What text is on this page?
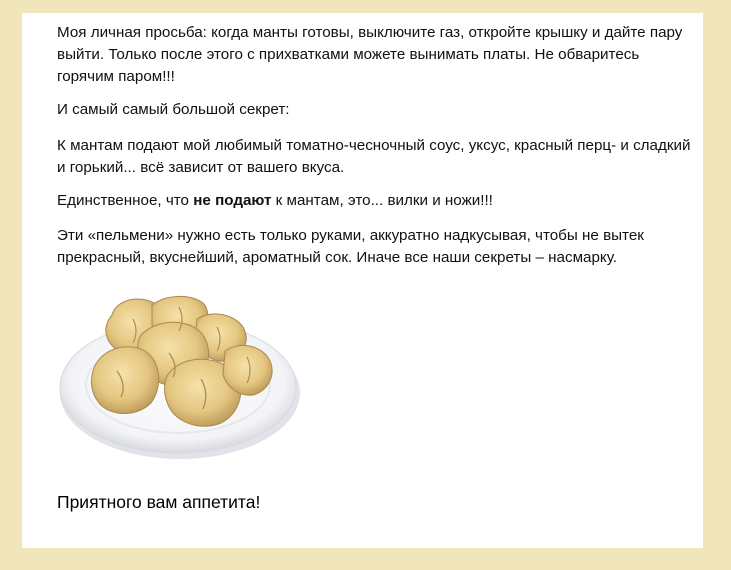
Моя личная просьба: когда манты готовы, выключите газ, откройте крышку и дайте пару выйти. Только после этого с прихватками можете вынимать платы. Не обваритесь горячим паром!!!

И самый самый большой секрет:

К мантам подают мой любимый томатно-чесночный соус, уксус, красный перц- и сладкий и горький... всё зависит от вашего вкуса.

Единственное, что не подают к мантам, это... вилки и ножи!!!

Эти «пельмени» нужно есть только руками, аккуратно надкусывая, чтобы не вытек прекрасный, вкуснейший, ароматный сок. Иначе все наши секреты – насмарку.

Приятного вам аппетита!
